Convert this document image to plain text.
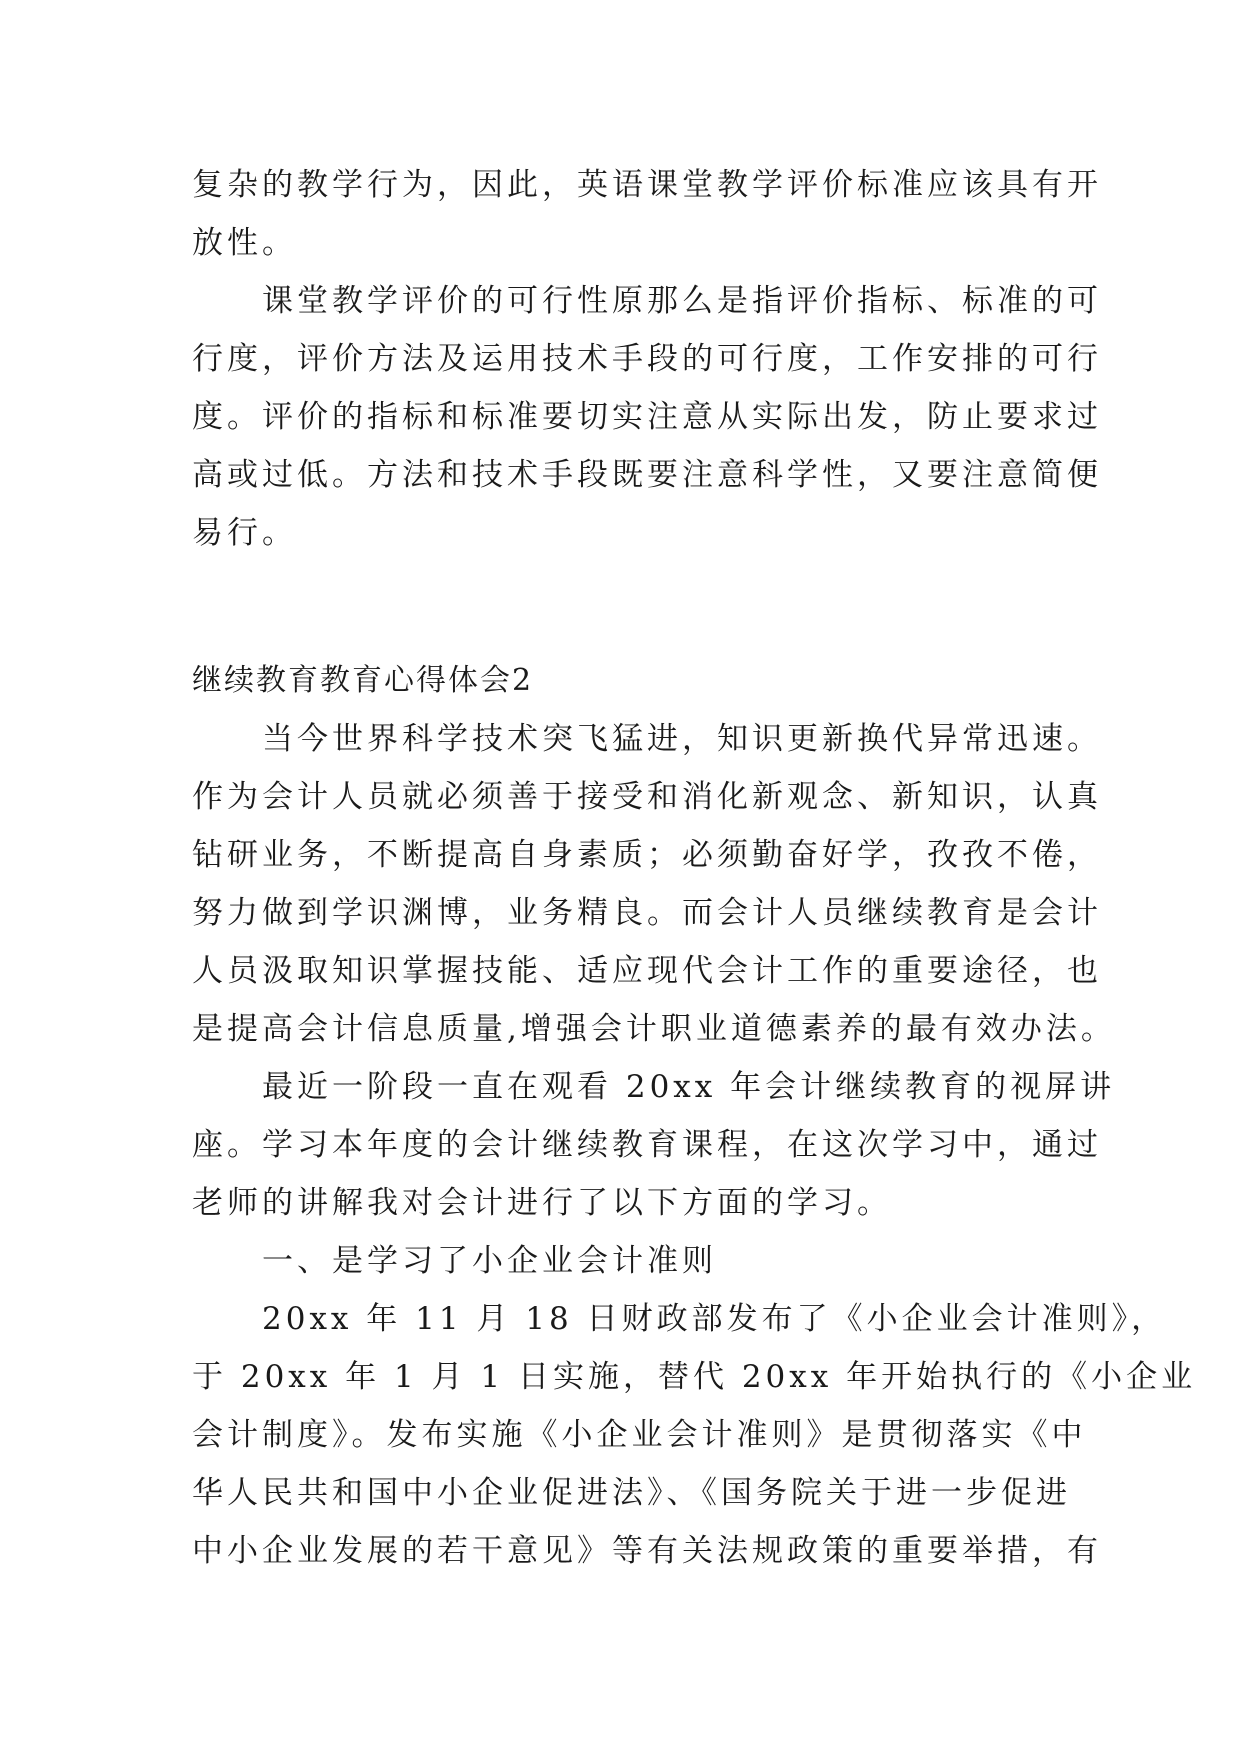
复杂的教学行为，因此，英语课堂教学评价标准应该具有开
放性。
课堂教学评价的可行性原那么是指评价指标、标准的可
行度，评价方法及运用技术手段的可行度，工作安排的可行
度。评价的指标和标准要切实注意从实际出发，防止要求过
高或过低。方法和技术手段既要注意科学性，又要注意简便
易行。
继续教育教育心得体会2
当今世界科学技术突飞猛进，知识更新换代异常迅速。
作为会计人员就必须善于接受和消化新观念、新知识，认真
钻研业务，不断提高自身素质；必须勤奋好学，孜孜不倦，
努力做到学识渊博，业务精良。而会计人员继续教育是会计
人员汲取知识掌握技能、适应现代会计工作的重要途径，也
是提高会计信息质量,增强会计职业道德素养的最有效办法。
最近一阶段一直在观看 20xx 年会计继续教育的视屏讲
座。学习本年度的会计继续教育课程，在这次学习中，通过
老师的讲解我对会计进行了以下方面的学习。
一、是学习了小企业会计准则
20xx 年 11 月 18 日财政部发布了《小企业会计准则》，
于 20xx 年 1 月 1 日实施，替代 20xx 年开始执行的《小企业
会计制度》。发布实施《小企业会计准则》是贯彻落实《中
华人民共和国中小企业促进法》、《国务院关于进一步促进
中小企业发展的若干意见》等有关法规政策的重要举措，有
